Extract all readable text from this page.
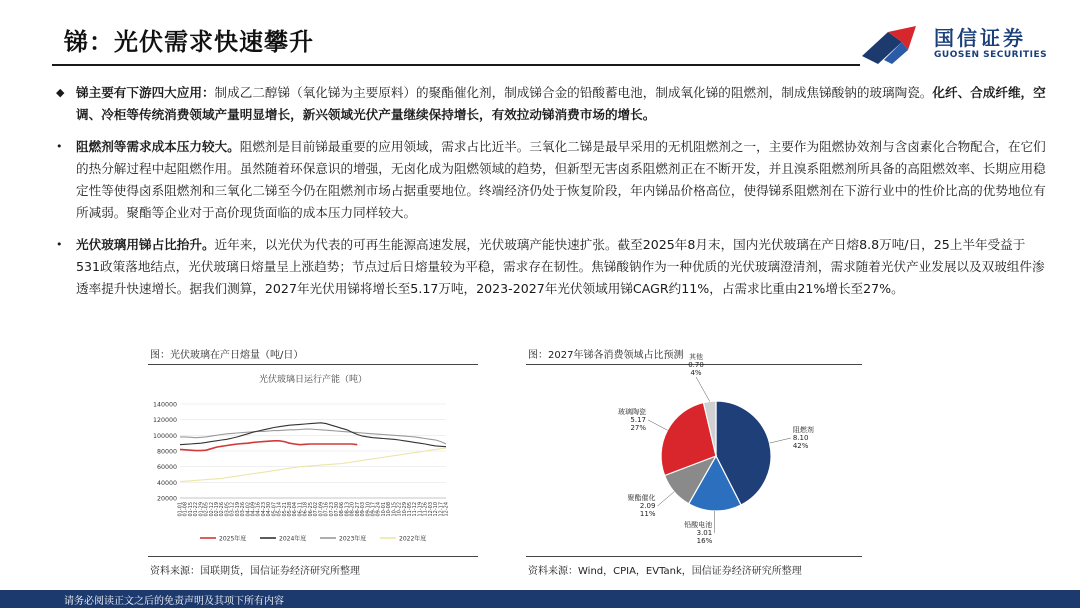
锑：光伏需求快速攀升	国信证券
GUOSEN SECURITIES
◆ 锑主要有下游四大应用：制成乙二醇锑（氧化锑为主要原料）的聚酯催化剂，制成锑合金的铅酸蓄电池，制成氧化锑的阻燃剂，制成焦锑酸钠的玻璃陶瓷。化纤、合成纤维，空调、冷柜等传统消费领域产量明显增长，新兴领域光伏产量继续保持增长，有效拉动锑消费市场的增长。
•	阻燃剂等需求成本压力较大。阻燃剂是目前锑最重要的应用领域，需求占比近半。三氧化二锑是最早采用的无机阻燃剂之一，主要作为阻燃协效剂与含卤素化合物配合，在它们的热分解过程中起阻燃作用。虽然随着环保意识的增强，无卤化成为阻燃领域的趋势，但新型无害卤系阻燃剂正在不断开发，并且溴系阻燃剂所具备的高阻燃效率、长期应用稳定性等使得卤系阻燃剂和三氧化二锑至今仍在阻燃剂市场占据重要地位。终端经济仍处于恢复阶段，年内锑品价格高位，使得锑系阻燃剂在下游行业中的性价比高的优势地位有所减弱。聚酯等企业对于高价现货面临的成本压力同样较大。
•	光伏玻璃用锑占比抬升。近年来，以光伏为代表的可再生能源高速发展，光伏玻璃产能快速扩张。截至2025年8月末，国内光伏玻璃在产日熔8.8万吨/日，25上半年受益于531政策落地结点，光伏玻璃日熔量呈上涨趋势；节点过后日熔量较为平稳，需求存在韧性。焦锑酸钠作为一种优质的光伏玻璃澄清剂，需求随着光伏产业发展以及双玻组件渗透率提升快速增长。据我们测算，2027年光伏用锑将增长至5.17万吨，2023-2027年光伏领域用锑CAGR约11%，占需求比重由21%增长至27%。
图：光伏玻璃在产日熔量（吨/日）
光伏玻璃日运行产能（吨）
140000
120000
100000
80000
60000
40000
20000
01-01 01-08 01-15 01-22 01-29 02-05 02-12 02-19 02-26 03-05 03-12 03-19 03-26 04-02 04-09 04-16 04-23 04-30 05-07 05-14 05-21 05-28 06-04 06-11 06-18 06-25 07-02 07-09 07-16 07-23 07-30 08-06 08-13 08-20 08-27 09-03 09-10 09-17 09-24 10-01 10-08 10-15 10-22 10-29 11-05 11-12 11-19 11-26 12-03 12-10 12-17 12-24
2025年度	2024年度	2023年度	2022年度
资料来源：国联期货，国信证券经济研究所整理
图：2027年锑各消费领域占比预测
阻燃剂
8.10
42%
铅酸电池
3.01
16%
聚酯催化
2.09
11%
玻璃陶瓷
5.17
27%
其他
0.70
4%
资料来源：Wind，CPIA，EVTank，国信证券经济研究所整理
请务必阅读正文之后的免责声明及其项下所有内容
